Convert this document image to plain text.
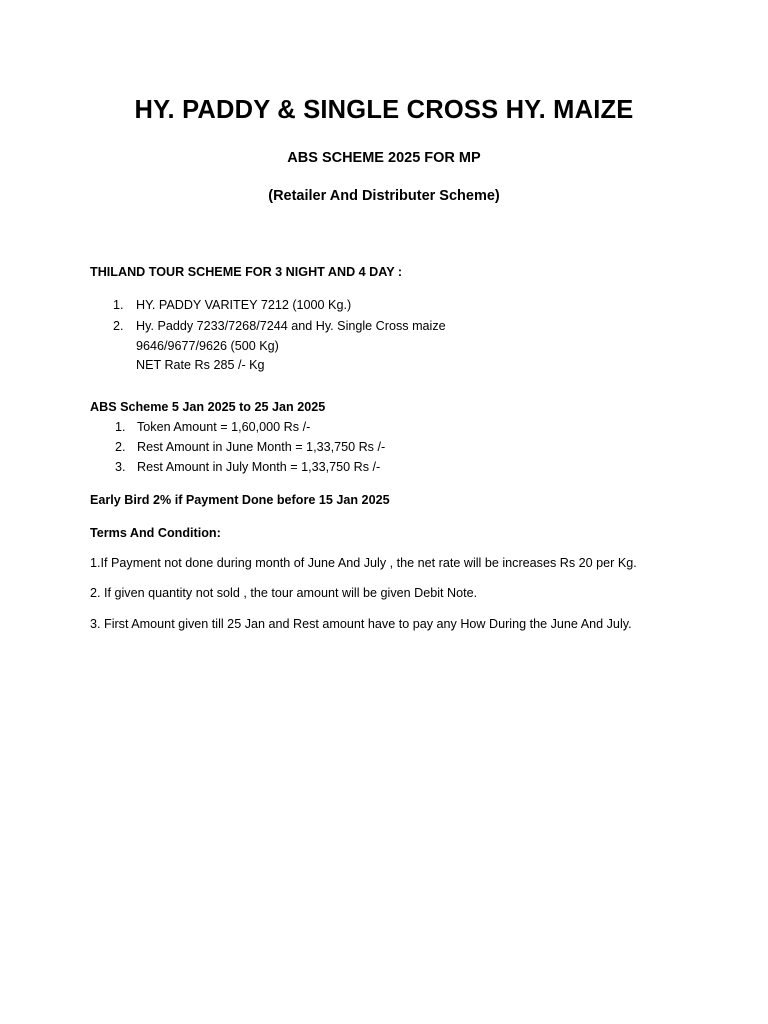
HY. PADDY & SINGLE CROSS HY. MAIZE

ABS SCHEME 2025 FOR MP

(Retailer And Distributer Scheme)

THILAND TOUR SCHEME FOR 3 NIGHT AND 4 DAY :

1. HY. PADDY VARITEY 7212 (1000 Kg.)
2. Hy. Paddy 7233/7268/7244 and Hy. Single Cross maize
9646/9677/9626 (500 Kg)
NET Rate Rs 285 /- Kg

ABS Scheme 5 Jan 2025 to 25 Jan 2025

1. Token Amount = 1,60,000 Rs /-
2. Rest Amount in June Month = 1,33,750 Rs /-
3. Rest Amount in July Month = 1,33,750 Rs /-

Early Bird 2% if Payment Done before 15 Jan 2025

Terms And Condition:

1.If Payment not done during month of June And July , the net rate will be increases Rs 20 per Kg.

2. If given quantity not sold , the tour amount will be given Debit Note.

3. First Amount given till 25 Jan and Rest amount have to pay any How During the June And July.
